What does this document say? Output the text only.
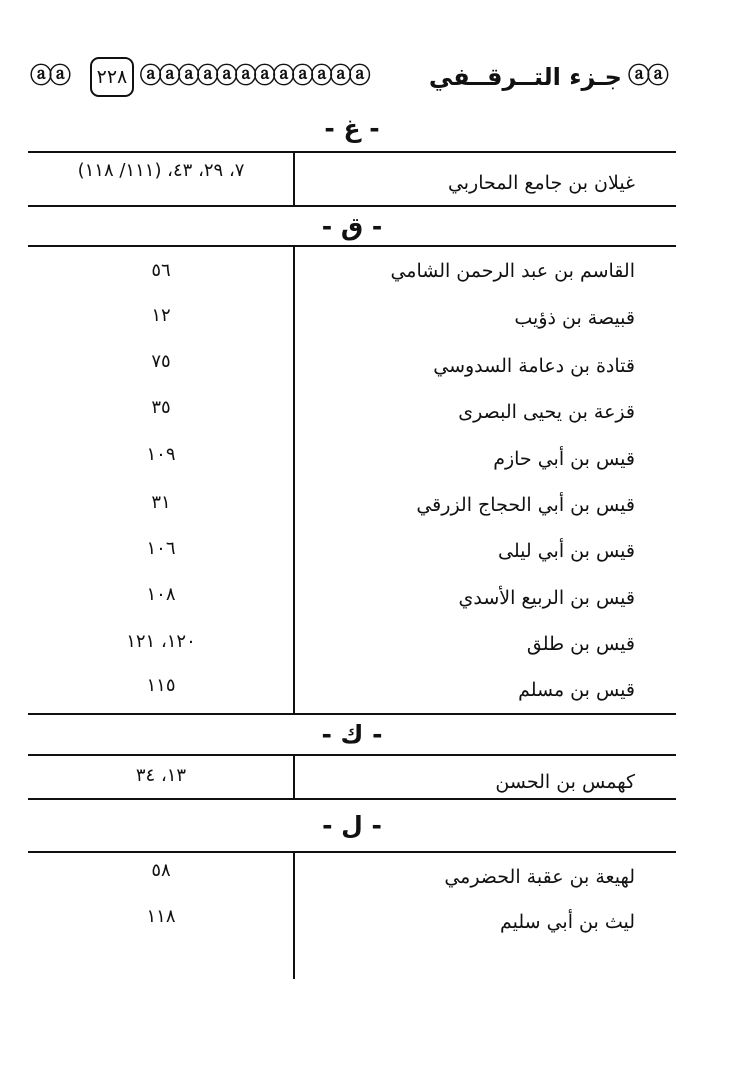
ⓐⓐ	٢٢٨ ⓐⓐⓐⓐⓐⓐⓐⓐⓐⓐⓐⓐ	جـزء التــرقــفي ⓐⓐ
- غ -
غيلان بن جامع المحاربي
٧، ٢٩، ٤٣، (١١١/ ١١٨)
- ق -
القاسم بن عبد الرحمن الشامي
٥٦
قبيصة بن ذؤيب
١٢
قتادة بن دعامة السدوسي
٧٥
قزعة بن يحيى البصرى
٣٥
قيس بن أبي حازم
١٠٩
قيس بن أبي الحجاج الزرقي
٣١
قيس بن أبي ليلى
١٠٦
قيس بن الربيع الأسدي
١٠٨
قيس بن طلق
١٢٠، ١٢١
قيس بن مسلم
١١٥
- ك -
كهمس بن الحسن
١٣، ٣٤
- ل -
لهيعة بن عقبة الحضرمي
٥٨
ليث بن أبي سليم
١١٨
